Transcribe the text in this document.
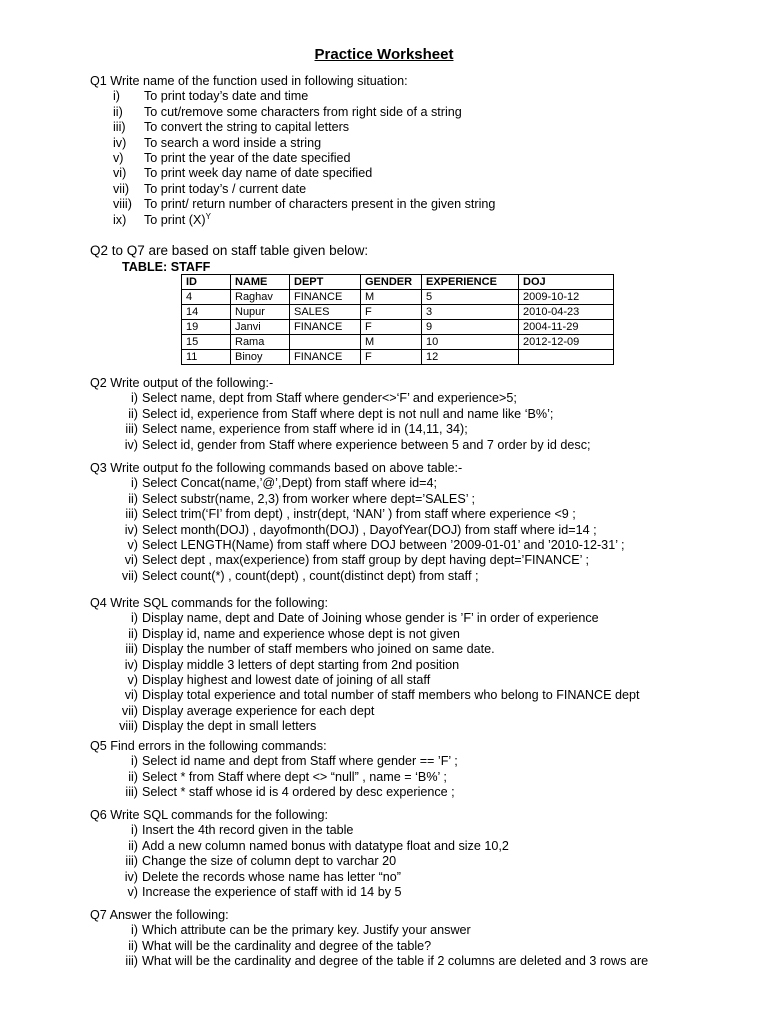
Practice Worksheet
Q1 Write name of the function used in following situation:
i) To print today’s date and time
ii) To cut/remove some characters from right side of a string
iii) To convert the string to capital letters
iv) To search a word inside a string
v) To print the year of the date specified
vi) To print week day name of date specified
vii) To print today’s / current date
viii) To print/ return number of characters present in the given string
ix) To print $(X)^Y$
Q2 to Q7 are based on staff table given below:
TABLE: STAFF
ID	NAME	DEPT	GENDER	EXPERIENCE	DOJ
4	Raghav	FINANCE	M	5	2009-10-12
14	Nupur	SALES	F	3	2010-04-23
19	Janvi	FINANCE	F	9	2004-11-29
15	Rama		M	10	2012-12-09
11	Binoy	FINANCE	F	12	
Q2 Write output of the following:-
i) Select name, dept from Staff where gender<>‘F’ and experience>5;
ii) Select id, experience from Staff where dept is not null and name like ‘B%’;
iii) Select name, experience from staff where id in (14,11, 34);
iv) Select id, gender from Staff where experience between 5 and 7 order by id desc;
Q3 Write output fo the following commands based on above table:-
i) Select Concat(name,’@’,Dept) from staff where id=4;
ii) Select substr(name, 2,3) from worker where dept=’SALES’ ;
iii) Select trim(‘FI’ from dept) , instr(dept, ‘NAN’ ) from staff where experience <9 ;
iv) Select month(DOJ) , dayofmonth(DOJ) , DayofYear(DOJ) from staff where id=14 ;
v) Select LENGTH(Name) from staff where DOJ between ’2009-01-01’ and ’2010-12-31’ ;
vi) Select dept , max(experience) from staff group by dept having dept=’FINANCE’ ;
vii) Select count(*) , count(dept) , count(distinct dept) from staff ;
Q4 Write SQL commands for the following:
i) Display name, dept and Date of Joining whose gender is ’F’ in order of experience
ii) Display id, name and experience whose dept is not given
iii) Display the number of staff members who joined on same date.
iv) Display middle 3 letters of dept starting from 2nd position
v) Display highest and lowest date of joining of all staff
vi) Display total experience and total number of staff members who belong to FINANCE dept
vii) Display average experience for each dept
viii) Display the dept in small letters
Q5 Find errors in the following commands:
i) Select id name and dept from Staff where gender == ’F’ ;
ii) Select * from Staff where dept <> “null” , name = ‘B%’ ;
iii) Select * staff whose id is 4 ordered by desc experience ;
Q6 Write SQL commands for the following:
i) Insert the 4th record given in the table
ii) Add a new column named bonus with datatype float and size 10,2
iii) Change the size of column dept to varchar 20
iv) Delete the records whose name has letter “no”
v) Increase the experience of staff with id 14 by 5
Q7 Answer the following:
i) Which attribute can be the primary key. Justify your answer
ii) What will be the cardinality and degree of the table?
iii) What will be the cardinality and degree of the table if 2 columns are deleted and 3 rows are
